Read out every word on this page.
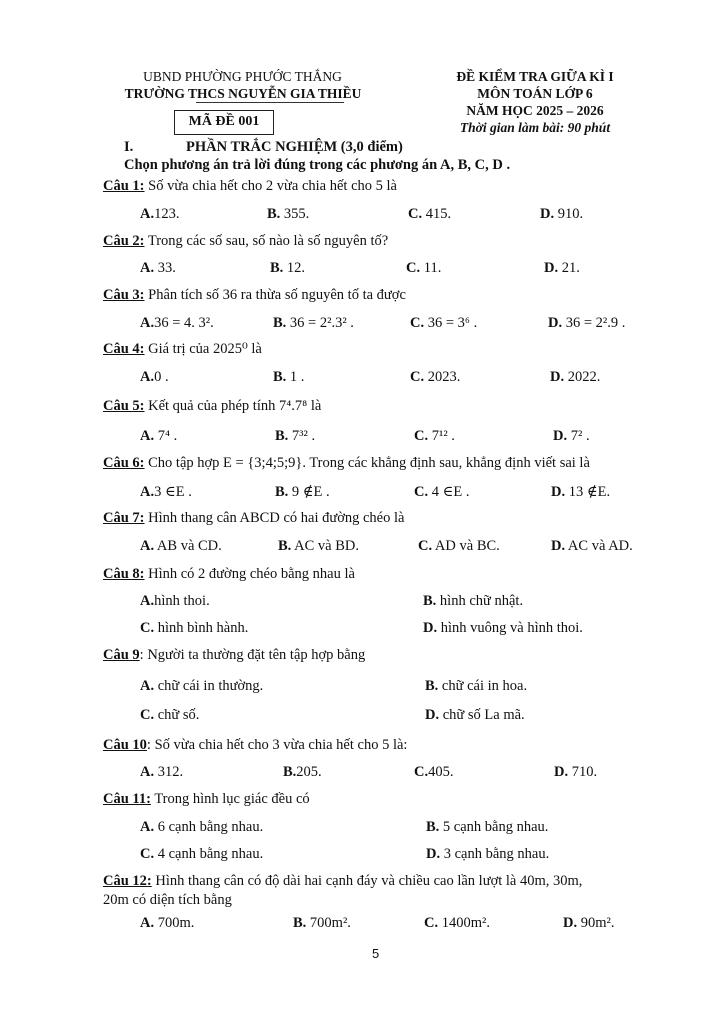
UBND PHƯỜNG PHƯỚC THẮNG
TRƯỜNG THCS NGUYỄN GIA THIỀU
MÃ ĐỀ 001
ĐỀ KIỂM TRA GIỮA KÌ I
MÔN TOÁN LỚP 6
NĂM HỌC 2025 – 2026
Thời gian làm bài: 90 phút
I.	PHẦN TRẮC NGHIỆM (3,0 điểm)
Chọn phương án trả lời đúng trong các phương án A, B, C, D .
Câu 1: Số vừa chia hết cho 2 vừa chia hết cho 5 là
A.123.	B. 355.	C. 415.	D. 910.
Câu 2: Trong các số sau, số nào là số nguyên tố?
A. 33.	B. 12.	C. 11.	D. 21.
Câu 3: Phân tích số 36 ra thừa số nguyên tố ta được
A.36 = 4. 3².	B. 36 = 2².3² .	C. 36 = 3⁶ .	D. 36 = 2².9 .
Câu 4: Giá trị của 2025⁰ là
A.0 .	B. 1 .	C. 2023.	D. 2022.
Câu 5: Kết quả của phép tính 7⁴.7⁸ là
A. 7⁴ .	B. 7³² .	C. 7¹² .	D. 7² .
Câu 6: Cho tập hợp E = {3;4;5;9}. Trong các khẳng định sau, khẳng định viết sai là
A.3 ∈E .	B. 9 ∉E .	C. 4 ∈E .	D. 13 ∉E.
Câu 7: Hình thang cân ABCD có hai đường chéo là
A. AB và CD.	B. AC và BD.	C. AD và BC.	D. AC và AD.
Câu 8: Hình có 2 đường chéo bằng nhau là
A.hình thoi.	B. hình chữ nhật.
C. hình bình hành.	D. hình vuông và hình thoi.
Câu 9: Người ta thường đặt tên tập hợp bằng
A. chữ cái in thường.	B. chữ cái in hoa.
C. chữ số.	D. chữ số La mã.
Câu 10: Số vừa chia hết cho 3 vừa chia hết cho 5 là:
A. 312.	B.205.	C.405.	D. 710.
Câu 11: Trong hình lục giác đều có
A. 6 cạnh bằng nhau.	B. 5 cạnh bằng nhau.
C. 4 cạnh bằng nhau.	D. 3 cạnh bằng nhau.
Câu 12: Hình thang cân có độ dài hai cạnh đáy và chiều cao lần lượt là 40m, 30m,
20m có diện tích bằng
A. 700m.	B. 700m².	C. 1400m².	D. 90m².
5
